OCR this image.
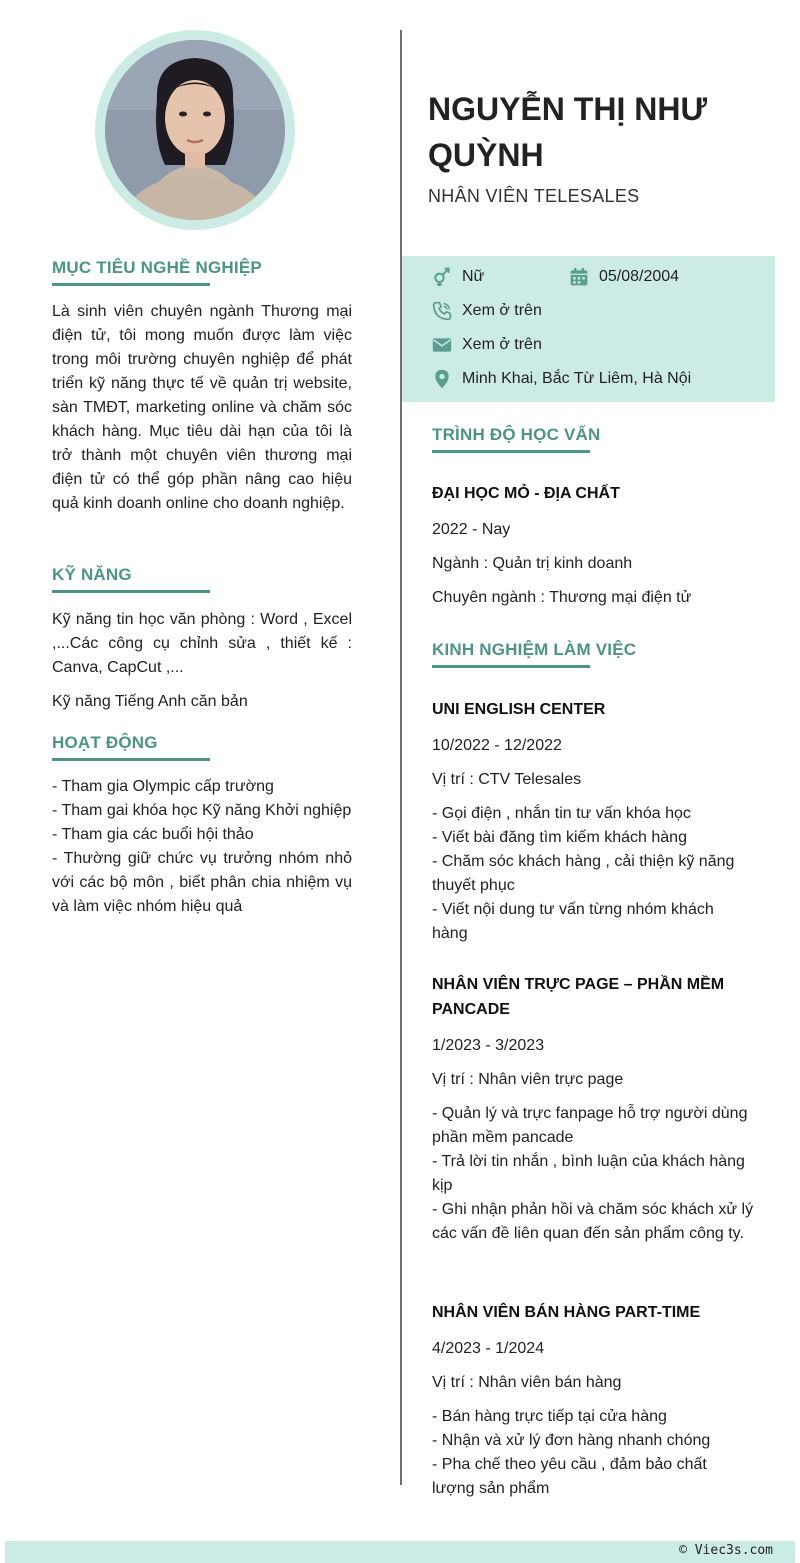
MỤC TIÊU NGHỀ NGHIỆP

Là sinh viên chuyên ngành Thương mại điện tử, tôi mong muốn được làm việc trong môi trường chuyên nghiệp để phát triển kỹ năng thực tế về quản trị website, sàn TMĐT, marketing online và chăm sóc khách hàng. Mục tiêu dài hạn của tôi là trở thành một chuyên viên thương mại điện tử có thể góp phần nâng cao hiệu quả kinh doanh online cho doanh nghiệp.

KỸ NĂNG

Kỹ năng tin học văn phòng : Word , Excel ,...Các công cụ chỉnh sửa , thiết kế : Canva, CapCut ,...

Kỹ năng Tiếng Anh căn bản

HOẠT ĐỘNG

- Tham gia Olympic cấp trường

- Tham gai khóa học Kỹ năng Khởi nghiệp

- Tham gia các buổi hội thảo

- Thường giữ chức vụ trưởng nhóm nhỏ với các bộ môn , biết phân chia nhiệm vụ và làm việc nhóm hiệu quả

NGUYỄN THỊ NHƯ QUỲNH
NHÂN VIÊN TELESALES
Nữ	05/08/2004
Xem ở trên
Xem ở trên
Minh Khai, Bắc Từ Liêm, Hà Nội
TRÌNH ĐỘ HỌC VẤN

ĐẠI HỌC MỎ - ĐỊA CHẤT

2022 - Nay

Ngành : Quản trị kinh doanh

Chuyên ngành : Thương mại điện tử

KINH NGHIỆM LÀM VIỆC

UNI ENGLISH CENTER

10/2022 - 12/2022

Vị trí : CTV Telesales

- Gọi điện , nhắn tin tư vấn khóa học

- Viết bài đăng tìm kiếm khách hàng

- Chăm sóc khách hàng , cải thiện kỹ năng thuyết phục

- Viết nội dung tư vấn từng nhóm khách hàng

NHÂN VIÊN TRỰC PAGE – PHẦN MỀM PANCADE

1/2023 - 3/2023

Vị trí : Nhân viên trực page

- Quản lý và trực fanpage hỗ trợ người dùng phần mềm pancade

- Trả lời tin nhắn , bình luận của khách hàng kịp

- Ghi nhận phản hồi và chăm sóc khách xử lý các vấn đề liên quan đến sản phẩm công ty.

NHÂN VIÊN BÁN HÀNG PART-TIME

4/2023 - 1/2024

Vị trí : Nhân viên bán hàng

- Bán hàng trực tiếp tại cửa hàng

- Nhận và xử lý đơn hàng nhanh chóng

- Pha chế theo yêu cầu , đảm bảo chất lượng sản phẩm

© Viec3s.com
